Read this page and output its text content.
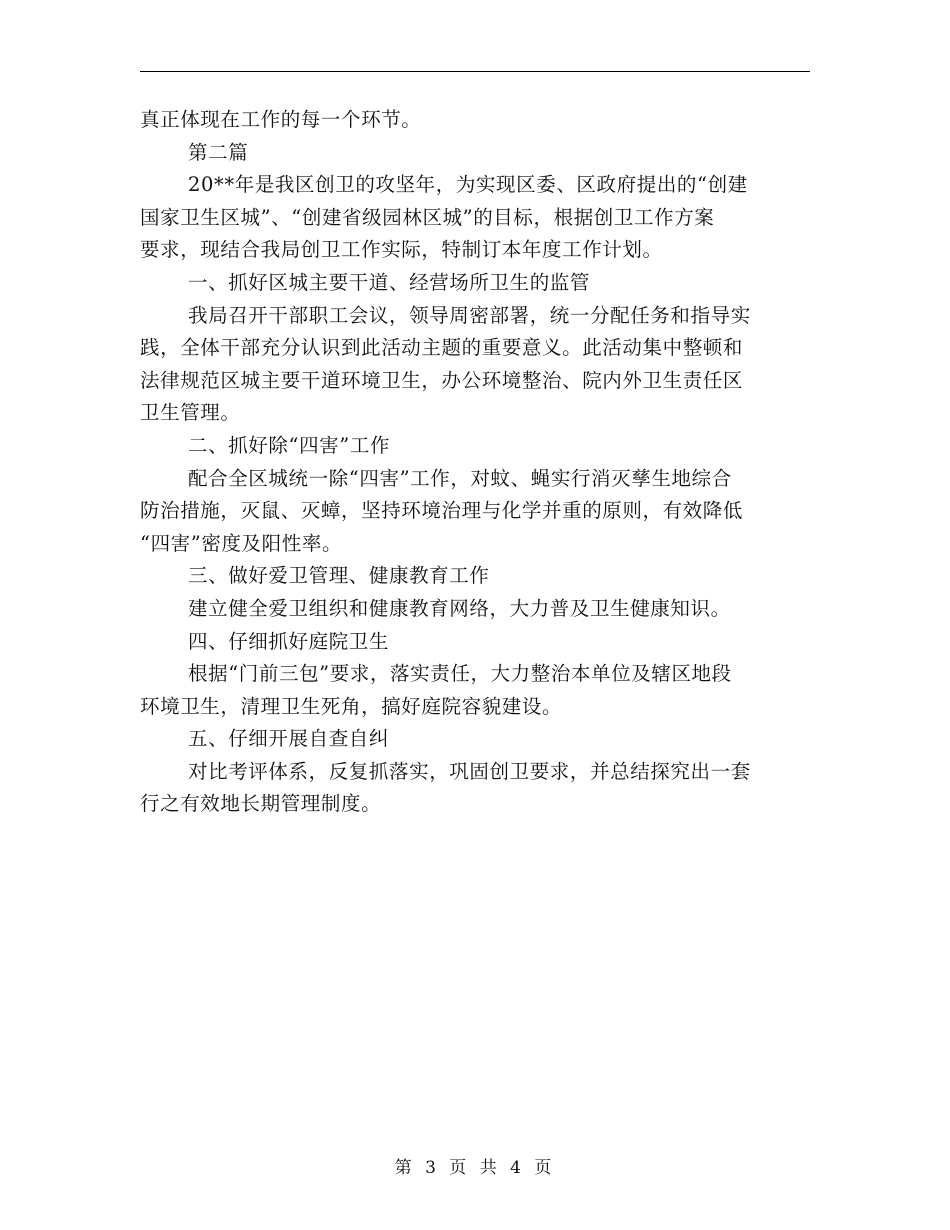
真正体现在工作的每一个环节。
第二篇
20**年是我区创卫的攻坚年，为实现区委、区政府提出的“创建
国家卫生区城”、“创建省级园林区城”的目标，根据创卫工作方案
要求，现结合我局创卫工作实际，特制订本年度工作计划。
一、抓好区城主要干道、经营场所卫生的监管
我局召开干部职工会议，领导周密部署，统一分配任务和指导实
践，全体干部充分认识到此活动主题的重要意义。此活动集中整顿和
法律规范区城主要干道环境卫生，办公环境整治、院内外卫生责任区
卫生管理。
二、抓好除“四害”工作
配合全区城统一除“四害”工作，对蚊、蝇实行消灭孳生地综合
防治措施，灭鼠、灭蟑，坚持环境治理与化学并重的原则，有效降低
“四害”密度及阳性率。
三、做好爱卫管理、健康教育工作
建立健全爱卫组织和健康教育网络，大力普及卫生健康知识。
四、仔细抓好庭院卫生
根据“门前三包”要求，落实责任，大力整治本单位及辖区地段
环境卫生，清理卫生死角，搞好庭院容貌建设。
五、仔细开展自查自纠
对比考评体系，反复抓落实，巩固创卫要求，并总结探究出一套
行之有效地长期管理制度。
第 3 页 共 4 页
